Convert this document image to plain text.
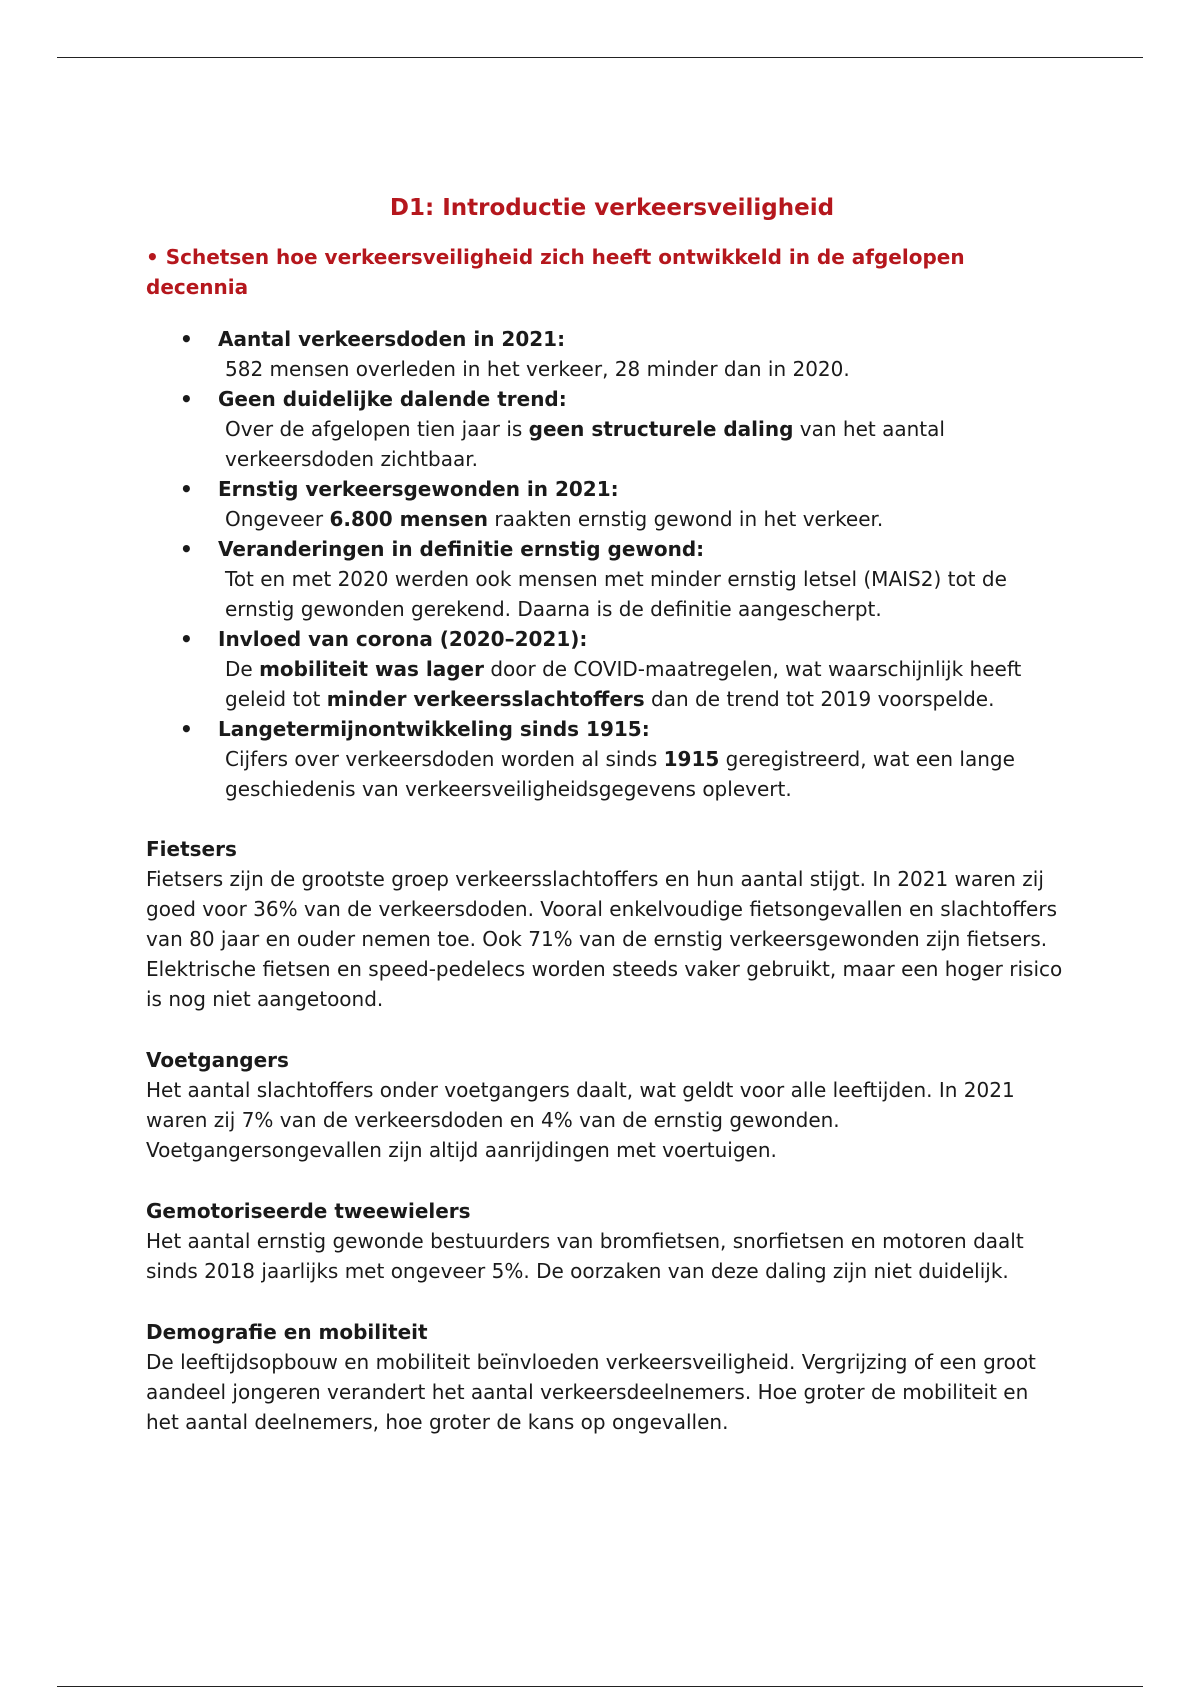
D1: Introductie verkeersveiligheid
• Schetsen hoe verkeersveiligheid zich heeft ontwikkeld in de afgelopen decennia
• Aantal verkeersdoden in 2021:
582 mensen overleden in het verkeer, 28 minder dan in 2020.
• Geen duidelijke dalende trend:
Over de afgelopen tien jaar is geen structurele daling van het aantal verkeersdoden zichtbaar.
• Ernstig verkeersgewonden in 2021:
Ongeveer 6.800 mensen raakten ernstig gewond in het verkeer.
• Veranderingen in definitie ernstig gewond:
Tot en met 2020 werden ook mensen met minder ernstig letsel (MAIS2) tot de ernstig gewonden gerekend. Daarna is de definitie aangescherpt.
• Invloed van corona (2020–2021):
De mobiliteit was lager door de COVID-maatregelen, wat waarschijnlijk heeft geleid tot minder verkeersslachtoffers dan de trend tot 2019 voorspelde.
• Langetermijnontwikkeling sinds 1915:
Cijfers over verkeersdoden worden al sinds 1915 geregistreerd, wat een lange geschiedenis van verkeersveiligheidsgegevens oplevert.
Fietsers

Fietsers zijn de grootste groep verkeersslachtoffers en hun aantal stijgt. In 2021 waren zij goed voor 36% van de verkeersdoden. Vooral enkelvoudige fietsongevallen en slachtoffers van 80 jaar en ouder nemen toe. Ook 71% van de ernstig verkeersgewonden zijn fietsers. Elektrische fietsen en speed-pedelecs worden steeds vaker gebruikt, maar een hoger risico is nog niet aangetoond.

Voetgangers

Het aantal slachtoffers onder voetgangers daalt, wat geldt voor alle leeftijden. In 2021 waren zij 7% van de verkeersdoden en 4% van de ernstig gewonden. Voetgangersongevallen zijn altijd aanrijdingen met voertuigen.

Gemotoriseerde tweewielers

Het aantal ernstig gewonde bestuurders van bromfietsen, snorfietsen en motoren daalt sinds 2018 jaarlijks met ongeveer 5%. De oorzaken van deze daling zijn niet duidelijk.

Demografie en mobiliteit

De leeftijdsopbouw en mobiliteit beïnvloeden verkeersveiligheid. Vergrijzing of een groot aandeel jongeren verandert het aantal verkeersdeelnemers. Hoe groter de mobiliteit en het aantal deelnemers, hoe groter de kans op ongevallen.
